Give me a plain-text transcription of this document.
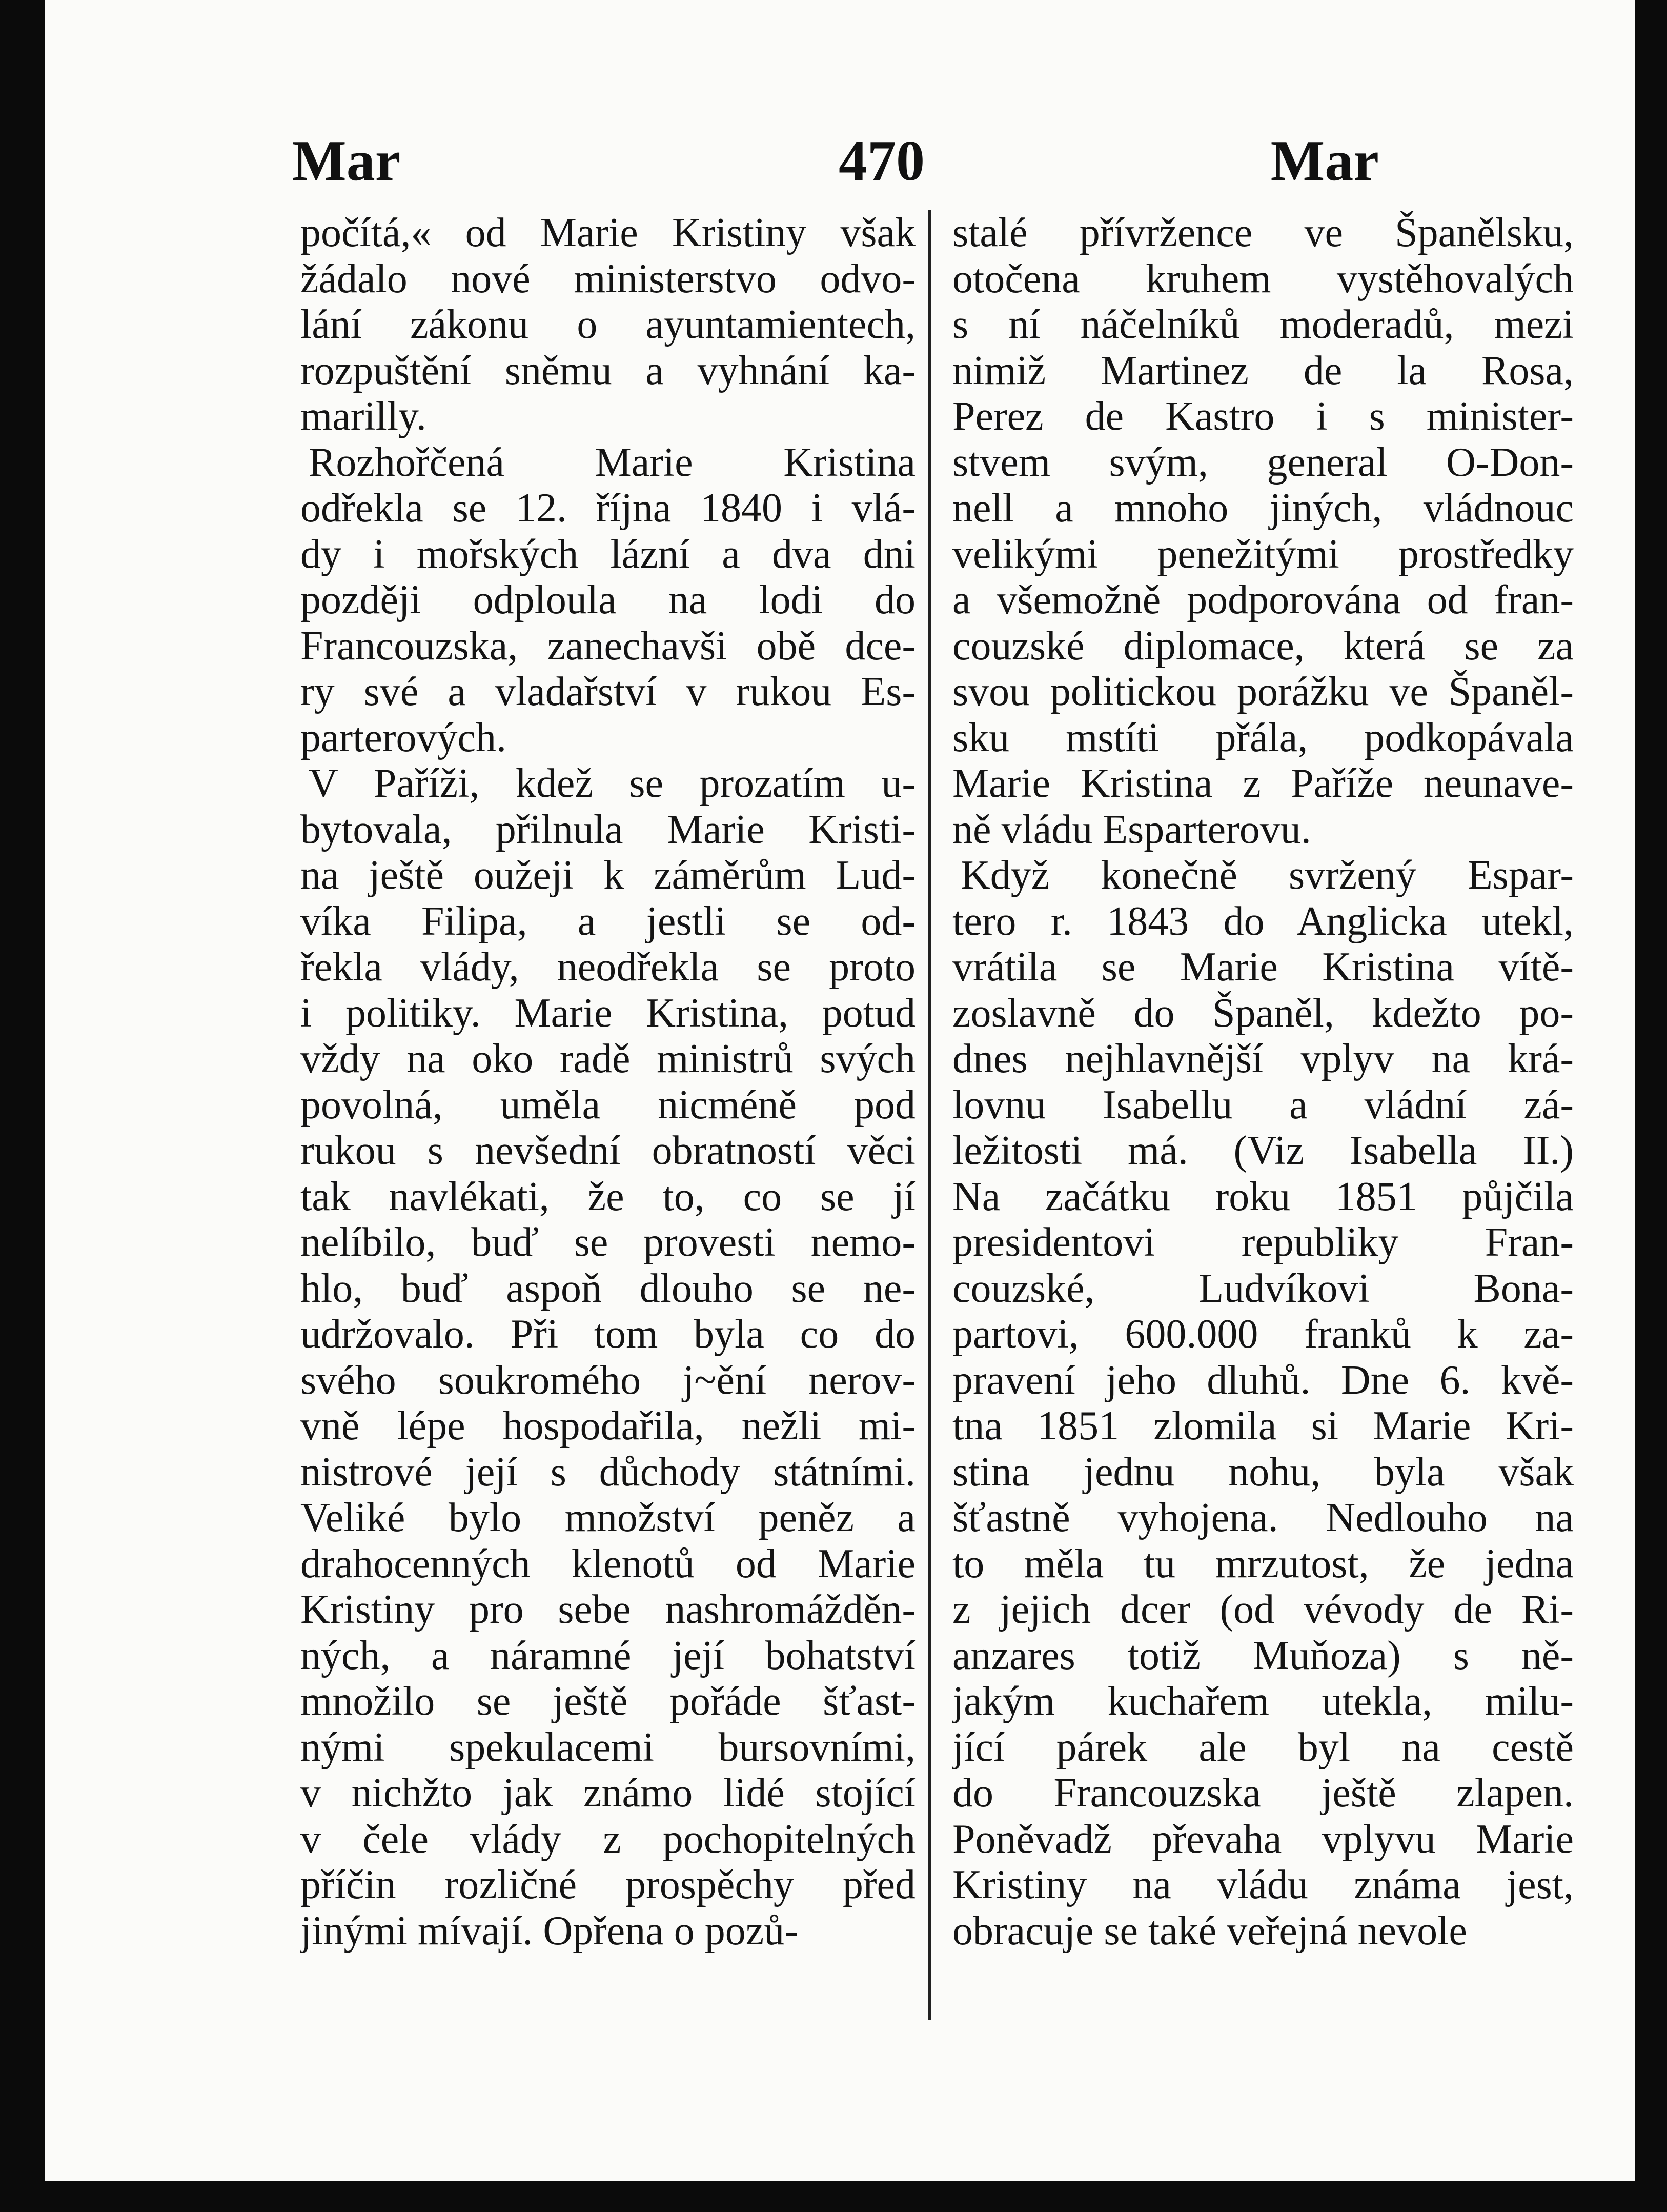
Mar	470	Mar
počítá,« od Marie Kristiny však
žádalo nové ministerstvo odvo-
lání zákonu o ayuntamientech,
rozpuštění sněmu a vyhnání ka-
marilly.
Rozhořčená Marie Kristina
odřekla se 12. října 1840 i vlá-
dy i mořských lázní a dva dni
později odploula na lodi do
Francouzska, zanechavši obě dce-
ry své a vladařství v rukou Es-
parterových.
V Paříži, kdež se prozatím u-
bytovala, přilnula Marie Kristi-
na ještě oužeji k záměrům Lud-
víka Filipa, a jestli se od-
řekla vlády, neodřekla se proto
i politiky. Marie Kristina, potud
vždy na oko radě ministrů svých
povolná, uměla nicméně pod
rukou s nevšední obratností věci
tak navlékati, že to, co se jí
nelíbilo, buď se provesti nemo-
hlo, buď aspoň dlouho se ne-
udržovalo. Při tom byla co do
svého soukromého j~ění nerov-
vně lépe hospodařila, nežli mi-
nistrové její s důchody státními.
Veliké bylo množství peněz a
drahocenných klenotů od Marie
Kristiny pro sebe nashromážděn-
ných, a náramné její bohatství
množilo se ještě pořáde šťast-
nými spekulacemi bursovními,
v nichžto jak známo lidé stojící
v čele vlády z pochopitelných
příčin rozličné prospěchy před
jinými mívají. Opřena o pozů-
stalé přívržence ve Španělsku,
otočena kruhem vystěhovalých
s ní náčelníků moderadů, mezi
nimiž Martinez de la Rosa,
Perez de Kastro i s minister-
stvem svým, general O-Don-
nell a mnoho jiných, vládnouc
velikými penežitými prostředky
a všemožně podporována od fran-
couzské diplomace, která se za
svou politickou porážku ve Španěl-
sku mstíti přála, podkopávala
Marie Kristina z Paříže neunave-
ně vládu Esparterovu.
Když konečně svržený Espar-
tero r. 1843 do Anglicka utekl,
vrátila se Marie Kristina vítě-
zoslavně do Španěl, kdežto po-
dnes nejhlavnější vplyv na krá-
lovnu Isabellu a vládní zá-
ležitosti má. (Viz Isabella II.)
Na začátku roku 1851 půjčila
presidentovi republiky Fran-
couzské, Ludvíkovi Bona-
partovi, 600.000 franků k za-
pravení jeho dluhů. Dne 6. kvě-
tna 1851 zlomila si Marie Kri-
stina jednu nohu, byla však
šťastně vyhojena. Nedlouho na
to měla tu mrzutost, že jedna
z jejich dcer (od vévody de Ri-
anzares totiž Muňoza) s ně-
jakým kuchařem utekla, milu-
jící párek ale byl na cestě
do Francouzska ještě zlapen.
Poněvadž převaha vplyvu Marie
Kristiny na vládu známa jest,
obracuje se také veřejná nevole
